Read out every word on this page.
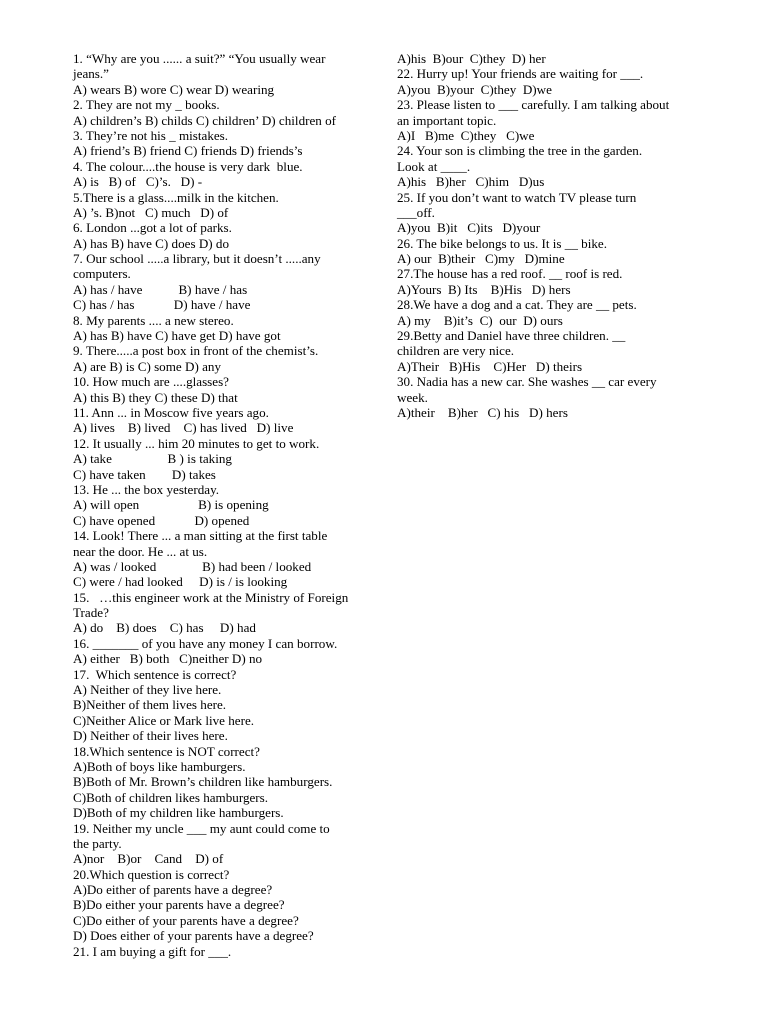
1. “Why are you ...... a suit?” “You usually wear
jeans.”
A) wears B) wore C) wear D) wearing
2. They are not my _ books.
A) children’s B) childs C) children’ D) children of
3. They’re not his _ mistakes.
A) friend’s B) friend C) friends D) friends’s
4. The colour....the house is very dark  blue.
A) is   B) of   C)’s.   D) -
5.There is a glass....milk in the kitchen.
A) ’s. B)not   C) much   D) of
6. London ...got a lot of parks.
A) has B) have C) does D) do
7. Our school .....a library, but it doesn’t .....any
computers.
A) has / have           B) have / has
C) has / has            D) have / have
8. My parents .... a new stereo.
A) has B) have C) have get D) have got
9. There.....a post box in front of the chemist’s.
A) are B) is C) some D) any
10. How much are ....glasses?
A) this B) they C) these D) that
11. Ann ... in Moscow five years ago.
A) lives    B) lived    C) has lived   D) live
12. It usually ... him 20 minutes to get to work.
A) take                 B ) is taking
C) have taken        D) takes
13. He ... the box yesterday.
A) will open                  B) is opening
C) have opened            D) opened
14. Look! There ... a man sitting at the first table
near the door. He ... at us.
A) was / looked              B) had been / looked
C) were / had looked     D) is / is looking
15.   …this engineer work at the Ministry of Foreign
Trade?
A) do    B) does    C) has     D) had
16. _______ of you have any money I can borrow.
A) either   B) both   C)neither D) no
17.  Which sentence is correct?
A) Neither of they live here.
B)Neither of them lives here.
C)Neither Alice or Mark live here.
D) Neither of their lives here.
18.Which sentence is NOT correct?
A)Both of boys like hamburgers.
B)Both of Mr. Brown’s children like hamburgers.
C)Both of children likes hamburgers.
D)Both of my children like hamburgers.
19. Neither my uncle ___ my aunt could come to
the party.
A)nor    B)or    Cand    D) of
20.Which question is correct?
A)Do either of parents have a degree?
B)Do either your parents have a degree?
C)Do either of your parents have a degree?
D) Does either of your parents have a degree?
21. I am buying a gift for ___.
A)his  B)our  C)they  D) her
22. Hurry up! Your friends are waiting for ___.
A)you  B)your  C)they  D)we
23. Please listen to ___ carefully. I am talking about
an important topic.
A)I   B)me  C)they   C)we
24. Your son is climbing the tree in the garden.
Look at ____.
A)his   B)her   C)him   D)us
25. If you don’t want to watch TV please turn
___off.
A)you  B)it   C)its   D)your
26. The bike belongs to us. It is __ bike.
A) our  B)their   C)my   D)mine
27.The house has a red roof. __ roof is red.
A)Yours  B) Its    B)His   D) hers
28.We have a dog and a cat. They are __ pets.
A) my    B)it’s  C)  our  D) ours
29.Betty and Daniel have three children. __
children are very nice.
A)Their   B)His    C)Her   D) theirs
30. Nadia has a new car. She washes __ car every
week.
A)their    B)her   C) his   D) hers
